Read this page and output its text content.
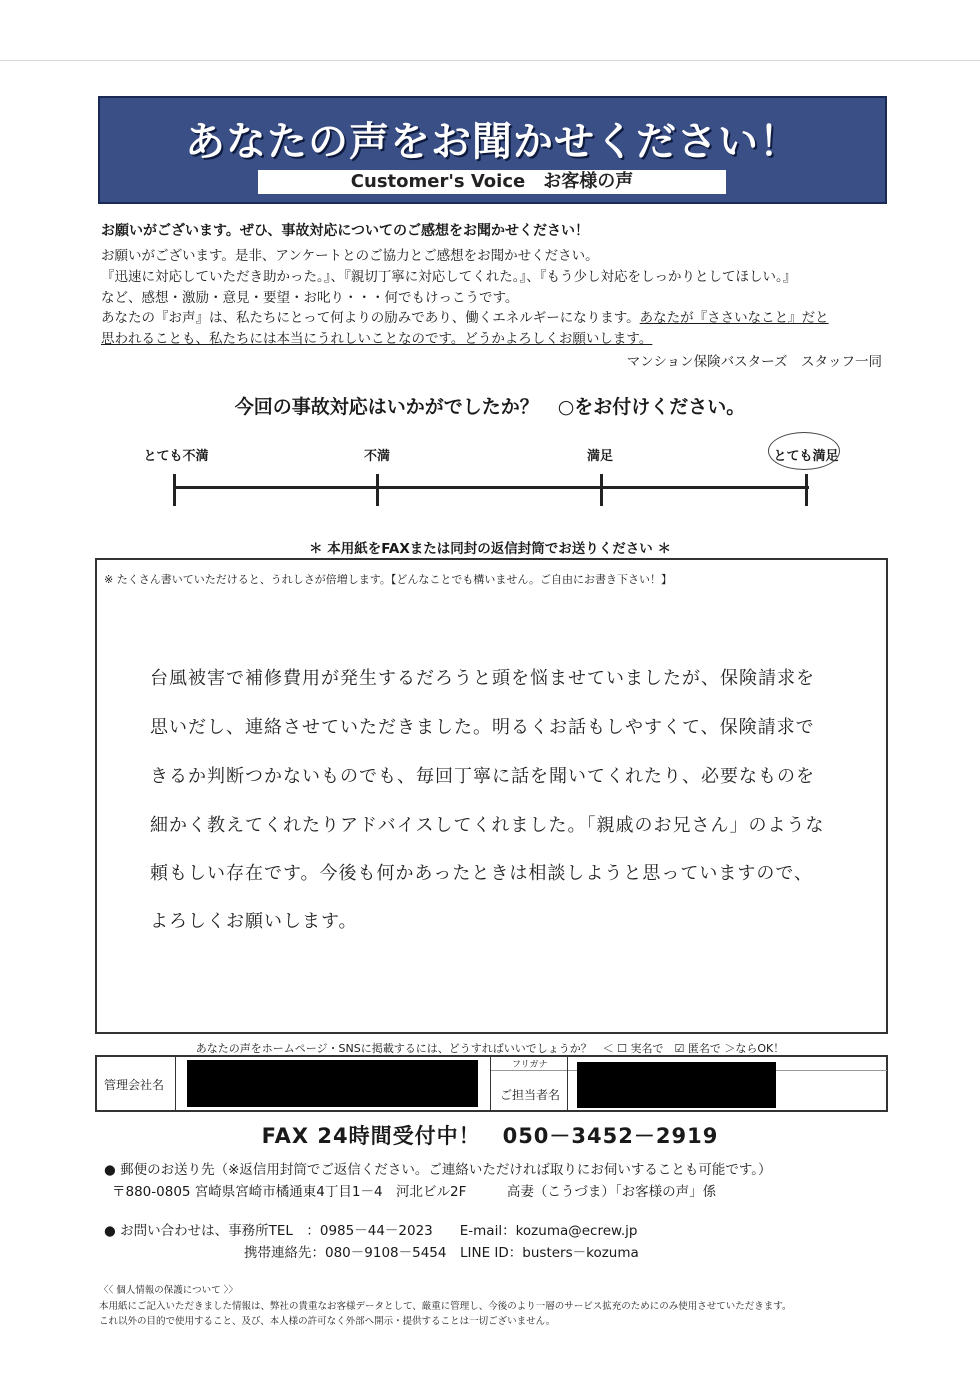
あなたの声をお聞かせください！
Customer's Voice　お客様の声
お願いがございます。ぜひ、事故対応についてのご感想をお聞かせください！
お願いがございます。是非、アンケートとのご協力とご感想をお聞かせください。
『迅速に対応していただき助かった。』、『親切丁寧に対応してくれた。』、『もう少し対応をしっかりとしてほしい。』
など、感想・激励・意見・要望・お叱り・・・何でもけっこうです。
あなたの『お声』は、私たちにとって何よりの励みであり、働くエネルギーになります。あなたが『ささいなこと』だと
思われることも、私たちには本当にうれしいことなのです。どうかよろしくお願いします。
マンション保険バスターズ　スタッフ一同
今回の事故対応はいかがでしたか？　○をお付けください。
とても不満	不満	満足	とても満足
＊ 本用紙をFAXまたは同封の返信封筒でお送りください ＊
※ たくさん書いていただけると、うれしさが倍増します。【どんなことでも構いません。ご自由にお書き下さい！】
台風被害で補修費用が発生するだろうと頭を悩ませていましたが、保険請求を
思いだし、連絡させていただきました。明るくお話もしやすくて、保険請求で
きるか判断つかないものでも、毎回丁寧に話を聞いてくれたり、必要なものを
細かく教えてくれたりアドバイスしてくれました。「親戚のお兄さん」のような
頼もしい存在です。今後も何かあったときは相談しようと思っていますので、
よろしくお願いします。
あなたの声をホームページ・SNSに掲載するには、どうすればいいでしょうか？　＜ ☐ 実名で　☑ 匿名で ＞ならOK！
管理会社名
フリガナ
ご担当者名
FAX 24時間受付中！　050－3452－2919
● 郵便のお送り先（※返信用封筒でご返信ください。ご連絡いただければ取りにお伺いすることも可能です。）
〒880-0805 宮崎県宮崎市橘通東4丁目1－4　河北ビル2F　　　高妻（こうづま）「お客様の声」係
● お問い合わせは、事務所TEL　：0985－44－2023　　E-mail：kozuma@ecrew.jp
携帯連絡先：080－9108－5454　LINE ID：busters－kozuma
〈〈 個人情報の保護について 〉〉
本用紙にご記入いただきました情報は、弊社の貴重なお客様データとして、厳重に管理し、今後のより一層のサービス拡充のためにのみ使用させていただきます。
これ以外の目的で使用すること、及び、本人様の許可なく外部へ開示・提供することは一切ございません。
